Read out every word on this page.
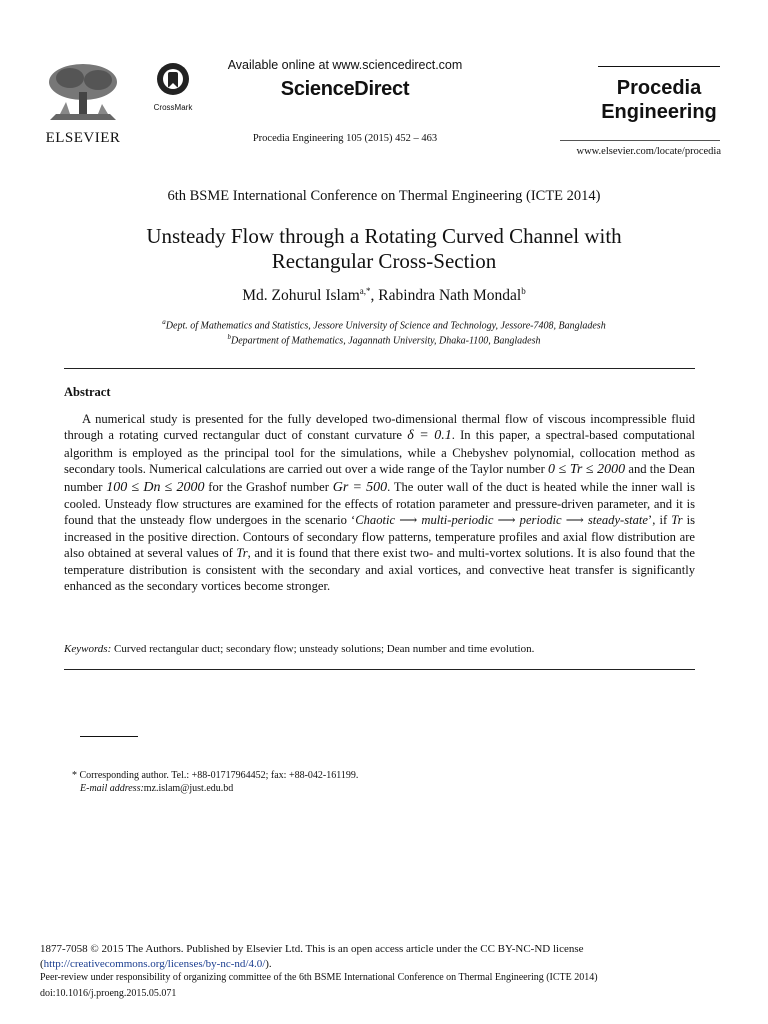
ELSEVIER
CrossMark
Available online at www.sciencedirect.com
ScienceDirect
Procedia Engineering 105 (2015) 452 – 463
Procedia
Engineering
www.elsevier.com/locate/procedia
6th BSME International Conference on Thermal Engineering (ICTE 2014)
Unsteady Flow through a Rotating Curved Channel with
Rectangular Cross-Section
Md. Zohurul Islam$^{a,*}$, Rabindra Nath Mondal$^b$
$^a$Dept. of Mathematics and Statistics, Jessore University of Science and Technology, Jessore-7408, Bangladesh
$^b$Department of Mathematics, Jagannath University, Dhaka-1100, Bangladesh
Abstract
A numerical study is presented for the fully developed two-dimensional thermal flow of viscous incompressible fluid through a rotating curved rectangular duct of constant curvature δ = 0.1. In this paper, a spectral-based computational algorithm is employed as the principal tool for the simulations, while a Chebyshev polynomial, collocation method as secondary tools. Numerical calculations are carried out over a wide range of the Taylor number 0 ≤ Tr ≤ 2000 and the Dean number 100 ≤ Dn ≤ 2000 for the Grashof number Gr = 500. The outer wall of the duct is heated while the inner wall is cooled. Unsteady flow structures are examined for the effects of rotation parameter and pressure-driven parameter, and it is found that the unsteady flow undergoes in the scenario ‘Chaotic ⟶ multi-periodic ⟶ periodic ⟶ steady-state’, if Tr is increased in the positive direction. Contours of secondary flow patterns, temperature profiles and axial flow distribution are also obtained at several values of Tr, and it is found that there exist two- and multi-vortex solutions. It is also found that the temperature distribution is consistent with the secondary and axial vortices, and convective heat transfer is significantly enhanced as the secondary vortices become stronger.
Keywords: Curved rectangular duct; secondary flow; unsteady solutions; Dean number and time evolution.
* Corresponding author. Tel.: +88-01717964452; fax: +88-042-161199.
E-mail address:mz.islam@just.edu.bd
1877-7058 © 2015 The Authors. Published by Elsevier Ltd. This is an open access article under the CC BY-NC-ND license
(http://creativecommons.org/licenses/by-nc-nd/4.0/).
Peer-review under responsibility of organizing committee of the 6th BSME International Conference on Thermal Engineering (ICTE 2014)
doi:10.1016/j.proeng.2015.05.071
